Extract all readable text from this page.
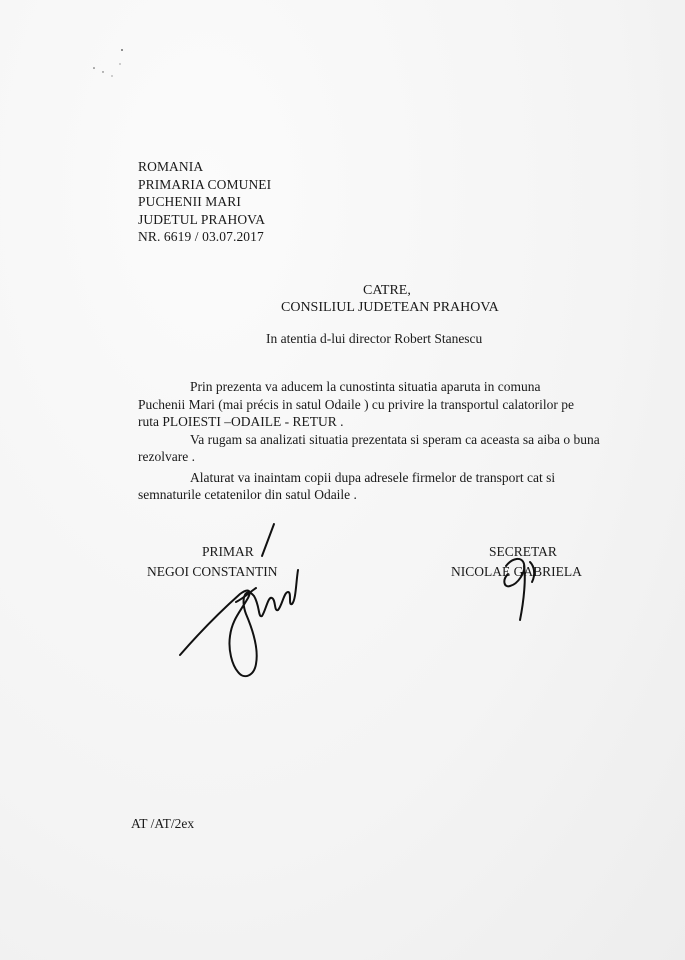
ROMANIA
PRIMARIA COMUNEI
PUCHENII MARI
JUDETUL PRAHOVA
NR. 6619 / 03.07.2017
CATRE,
CONSILIUL JUDETEAN PRAHOVA
In atentia d-lui director Robert Stanescu
Prin prezenta va aducem la cunostinta situatia aparuta in comuna
Puchenii Mari (mai précis in satul Odaile ) cu privire la transportul calatorilor pe
ruta PLOIESTI –ODAILE - RETUR .
Va rugam sa analizati situatia prezentata si speram ca aceasta sa aiba o buna
rezolvare .
Alaturat va inaintam copii dupa adresele firmelor de transport cat si
semnaturile cetatenilor din satul Odaile .
PRIMAR
NEGOI CONSTANTIN
SECRETAR
NICOLAE GABRIELA
AT /AT/2ex
